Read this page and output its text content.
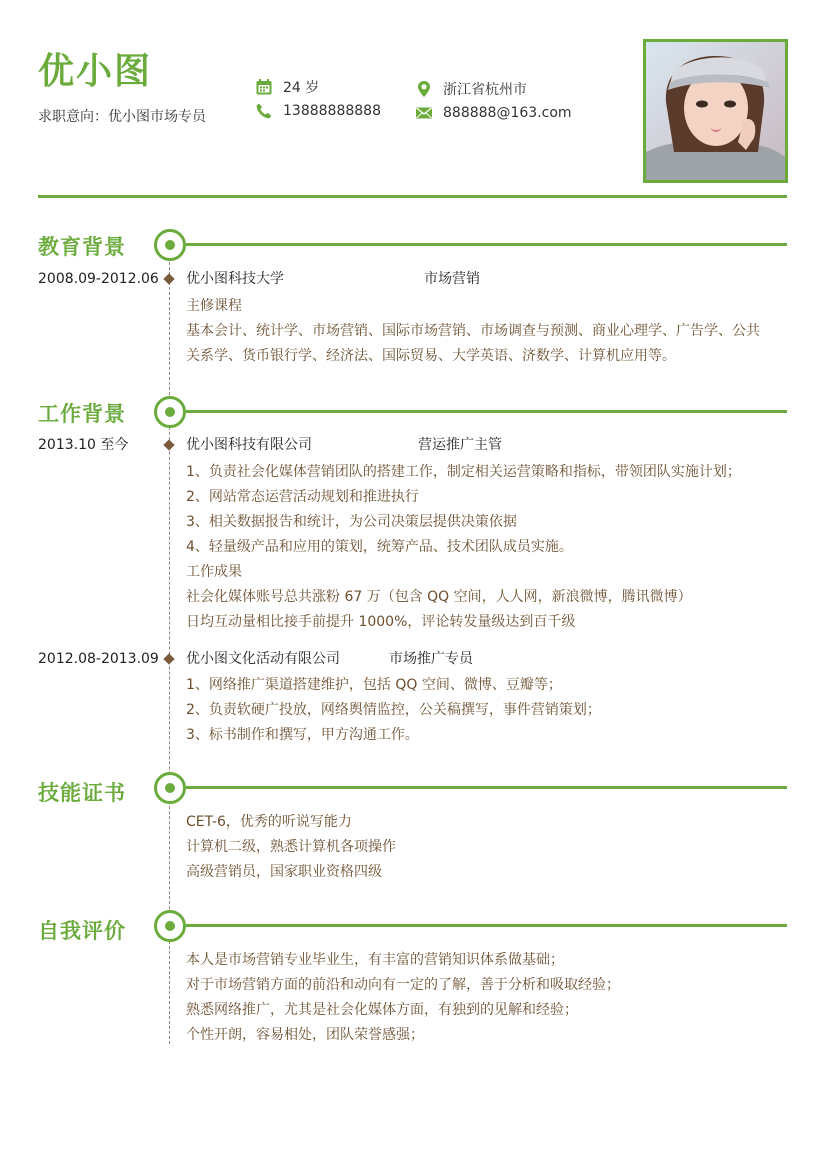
优小图
求职意向：优小图市场专员
24 岁
13888888888
浙江省杭州市
888888@163.com
教育背景
2008.09-2012.06 优小图科技大学	市场营销
主修课程
基本会计、统计学、市场营销、国际市场营销、市场调查与预测、商业心理学、广告学、公共
关系学、货币银行学、经济法、国际贸易、大学英语、济数学、计算机应用等。
工作背景
2013.10 至今	优小图科技有限公司	营运推广主管
1、负责社会化媒体营销团队的搭建工作，制定相关运营策略和指标，带领团队实施计划；
2、网站常态运营活动规划和推进执行
3、相关数据报告和统计，为公司决策层提供决策依据
4、轻量级产品和应用的策划，统筹产品、技术团队成员实施。
工作成果
社会化媒体账号总共涨粉 67 万（包含 QQ 空间，人人网，新浪微博，腾讯微博）
日均互动量相比接手前提升 1000%，评论转发量级达到百千级
2012.08-2013.09 优小图文化活动有限公司	市场推广专员
1、网络推广渠道搭建维护，包括 QQ 空间、微博、豆瓣等；
2、负责软硬广投放，网络舆情监控，公关稿撰写，事件营销策划；
3、标书制作和撰写，甲方沟通工作。
技能证书
CET-6，优秀的听说写能力
计算机二级，熟悉计算机各项操作
高级营销员，国家职业资格四级
自我评价
本人是市场营销专业毕业生，有丰富的营销知识体系做基础；
对于市场营销方面的前沿和动向有一定的了解，善于分析和吸取经验；
熟悉网络推广，尤其是社会化媒体方面，有独到的见解和经验；
个性开朗，容易相处，团队荣誉感强；
